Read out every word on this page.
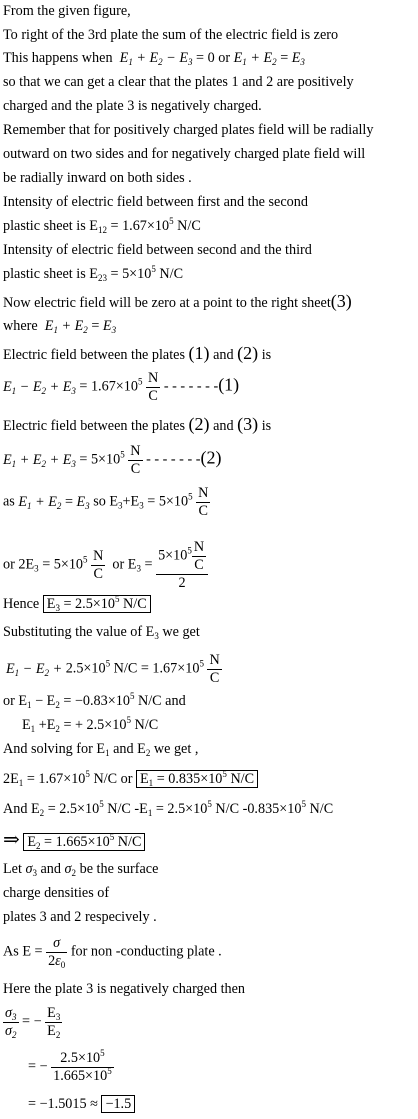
From the given figure,
To right of the 3rd plate the sum of the electric field is zero
This happens when $E_1 + E_2 - E_3 = 0$ or $E_1 + E_2 = E_3$
so that we can get a clear that the plates 1 and 2 are positively
charged and the plate 3 is negatively charged.
Remember that for positively charged plates field will be radially
outward on two sides and for negatively charged plate field will
be radially inward on both sides .
Intensity of electric field between first and the second
plastic sheet is $E_{12} = 1.67\times 10^5$ N/C
Intensity of electric field between second and the third
plastic sheet is $E_{23} = 5\times 10^5$ N/C
Now electric field will be zero at a point to the right sheet(3)
where $E_1 + E_2 = E_3$
Electric field between the plates (1) and (2) is
$E_1 - E_2 + E_3 = 1.67\times 10^5 \frac{N}{C}$ - - - - - - -(1)
Electric field between the plates (2) and (3) is
$E_1 + E_2 + E_3 = 5\times 10^5 \frac{N}{C}$ - - - - - - -(2)
as $E_1 + E_2 = E_3$ so $E_3+E_3 = 5\times 10^5 \frac{N}{C}$
or $2E_3 = 5\times 10^5 \frac{N}{C}$ or $E_3 = \frac{5\times 10^5 \frac{N}{C}}{2}$
Hence $E_3 = 2.5\times 10^5$ N/C
Substituting the value of $E_3$ we get
$E_1 - E_2 + 2.5\times 10^5$ $N/C = 1.67\times 10^5 \frac{N}{C}$
or $E_1 - E_2 = -0.83\times 10^5$ N/C and
$E_1 +E_2$ = + $2.5\times 10^5$ N/C
And solving for $E_1$ and $E_2$ we get ,
$2E_1 = 1.67\times 10^5$ N/C or $E_1 = 0.835\times 10^5$ N/C
And $E_2 = 2.5\times 10^5$ N/C $-E_1 = 2.5\times 10^5$ N/C $-0.835\times 10^5$ N/C
⇒ $E_2 = 1.665\times 10^5$ N/C
Let $\sigma_3$ and $\sigma_2$ be the surface
charge densities of
plates 3 and 2 respecively .
As $E = \frac{\sigma}{2\varepsilon_0}$ for non -conducting plate .
Here the plate 3 is negatively charged then
$\frac{\sigma_3}{\sigma_2}$ = − $\frac{E_3}{E_2}$
= − $\frac{2.5\times 10^5}{1.665\times 10^5}$
= −1.5015 ≈ −1.5
